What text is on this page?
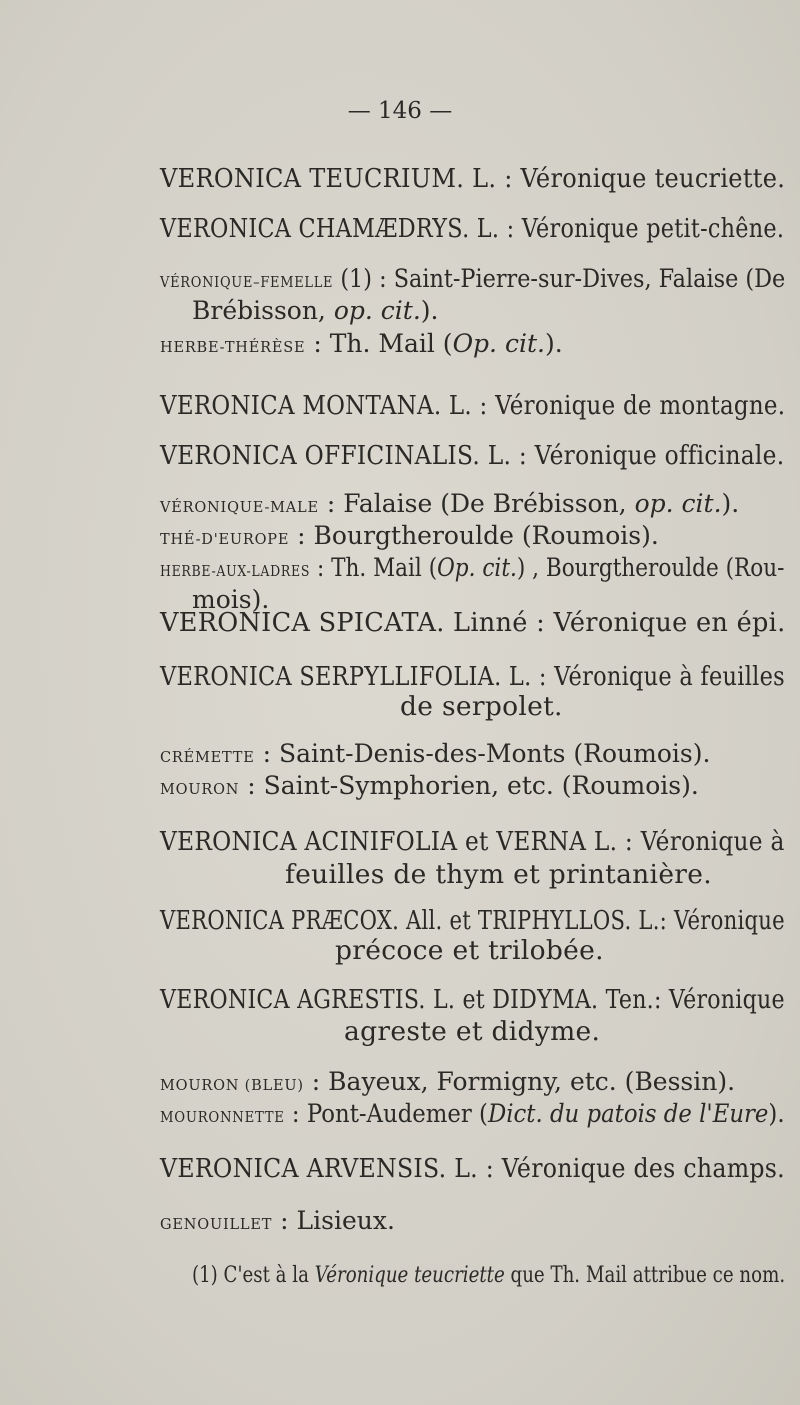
— 146 —
VERONICA TEUCRIUM. L. : Véronique teucriette.
VERONICA CHAMÆDRYS. L. : Véronique petit-chêne.
VÉRONIQUE–FEMELLE (1) : Saint-Pierre-sur-Dives, Falaise (De
Brébisson, op. cit.).
HERBE-THÉRÈSE : Th. Mail (Op. cit.).
VERONICA MONTANA. L. : Véronique de montagne.
VERONICA OFFICINALIS. L. : Véronique officinale.
VÉRONIQUE-MALE : Falaise (De Brébisson, op. cit.).
THÉ-D'EUROPE : Bourgtheroulde (Roumois).
HERBE-AUX-LADRES : Th. Mail (Op. cit.) , Bourgtheroulde (Rou-
mois).
VERONICA SPICATA. Linné : Véronique en épi.
VERONICA SERPYLLIFOLIA. L. : Véronique à feuilles
de serpolet.
CRÉMETTE : Saint-Denis-des-Monts (Roumois).
MOURON : Saint-Symphorien, etc. (Roumois).
VERONICA ACINIFOLIA et VERNA L. : Véronique à
feuilles de thym et printanière.
VERONICA PRÆCOX. All. et TRIPHYLLOS. L.: Véronique
précoce et trilobée.
VERONICA AGRESTIS. L. et DIDYMA. Ten.: Véronique
agreste et didyme.
MOURON (BLEU) : Bayeux, Formigny, etc. (Bessin).
MOURONNETTE : Pont-Audemer (Dict. du patois de l'Eure).
VERONICA ARVENSIS. L. : Véronique des champs.
GENOUILLET : Lisieux.
(1) C'est à la Véronique teucriette que Th. Mail attribue ce nom.
